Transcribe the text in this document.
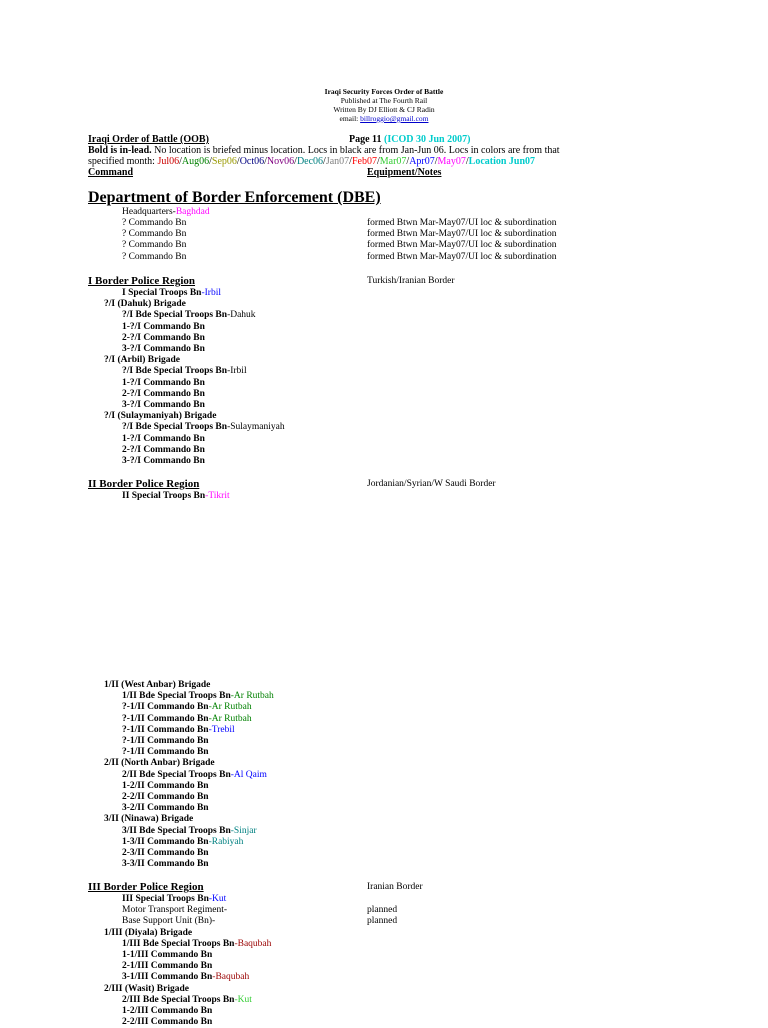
Iraqi Security Forces Order of Battle
Published at The Fourth Rail
Written By DJ Elliott & CJ Radin
email: billroggio@gmail.com
Iraqi Order of Battle (OOB)	Page 11 (ICOD 30 Jun 2007)
Bold is in-lead. No location is briefed minus location. Locs in black are from Jan-Jun 06. Locs in colors are from that
specified month: Jul06/Aug06/Sep06/Oct06/Nov06/Dec06/Jan07/Feb07/Mar07/Apr07/May07/Location Jun07
Command	Equipment/Notes
Department of Border Enforcement (DBE)
Headquarters-Baghdad
? Commando Bn	formed Btwn Mar-May07/UI loc & subordination
? Commando Bn	formed Btwn Mar-May07/UI loc & subordination
? Commando Bn	formed Btwn Mar-May07/UI loc & subordination
? Commando Bn	formed Btwn Mar-May07/UI loc & subordination
I Border Police Region	Turkish/Iranian Border
I Special Troops Bn-Irbil
?/I (Dahuk) Brigade
?/I Bde Special Troops Bn-Dahuk
1-?/I Commando Bn
2-?/I Commando Bn
3-?/I Commando Bn
?/I (Arbil) Brigade
?/I Bde Special Troops Bn-Irbil
1-?/I Commando Bn
2-?/I Commando Bn
3-?/I Commando Bn
?/I (Sulaymaniyah) Brigade
?/I Bde Special Troops Bn-Sulaymaniyah
1-?/I Commando Bn
2-?/I Commando Bn
3-?/I Commando Bn
II Border Police Region	Jordanian/Syrian/W Saudi Border
II Special Troops Bn-Tikrit
1/II (West Anbar) Brigade
1/II Bde Special Troops Bn-Ar Rutbah
?-1/II Commando Bn-Ar Rutbah
?-1/II Commando Bn-Ar Rutbah
?-1/II Commando Bn-Trebil
?-1/II Commando Bn
?-1/II Commando Bn
2/II (North Anbar) Brigade
2/II Bde Special Troops Bn-Al Qaim
1-2/II Commando Bn
2-2/II Commando Bn
3-2/II Commando Bn
3/II (Ninawa) Brigade
3/II Bde Special Troops Bn-Sinjar
1-3/II Commando Bn-Rabiyah
2-3/II Commando Bn
3-3/II Commando Bn
III Border Police Region	Iranian Border
III Special Troops Bn-Kut
Motor Transport Regiment-	planned
Base Support Unit (Bn)-	planned
1/III (Diyala) Brigade
1/III Bde Special Troops Bn-Baqubah
1-1/III Commando Bn
2-1/III Commando Bn
3-1/III Commando Bn-Baqubah
2/III (Wasit) Brigade
2/III Bde Special Troops Bn-Kut
1-2/III Commando Bn
2-2/III Commando Bn
